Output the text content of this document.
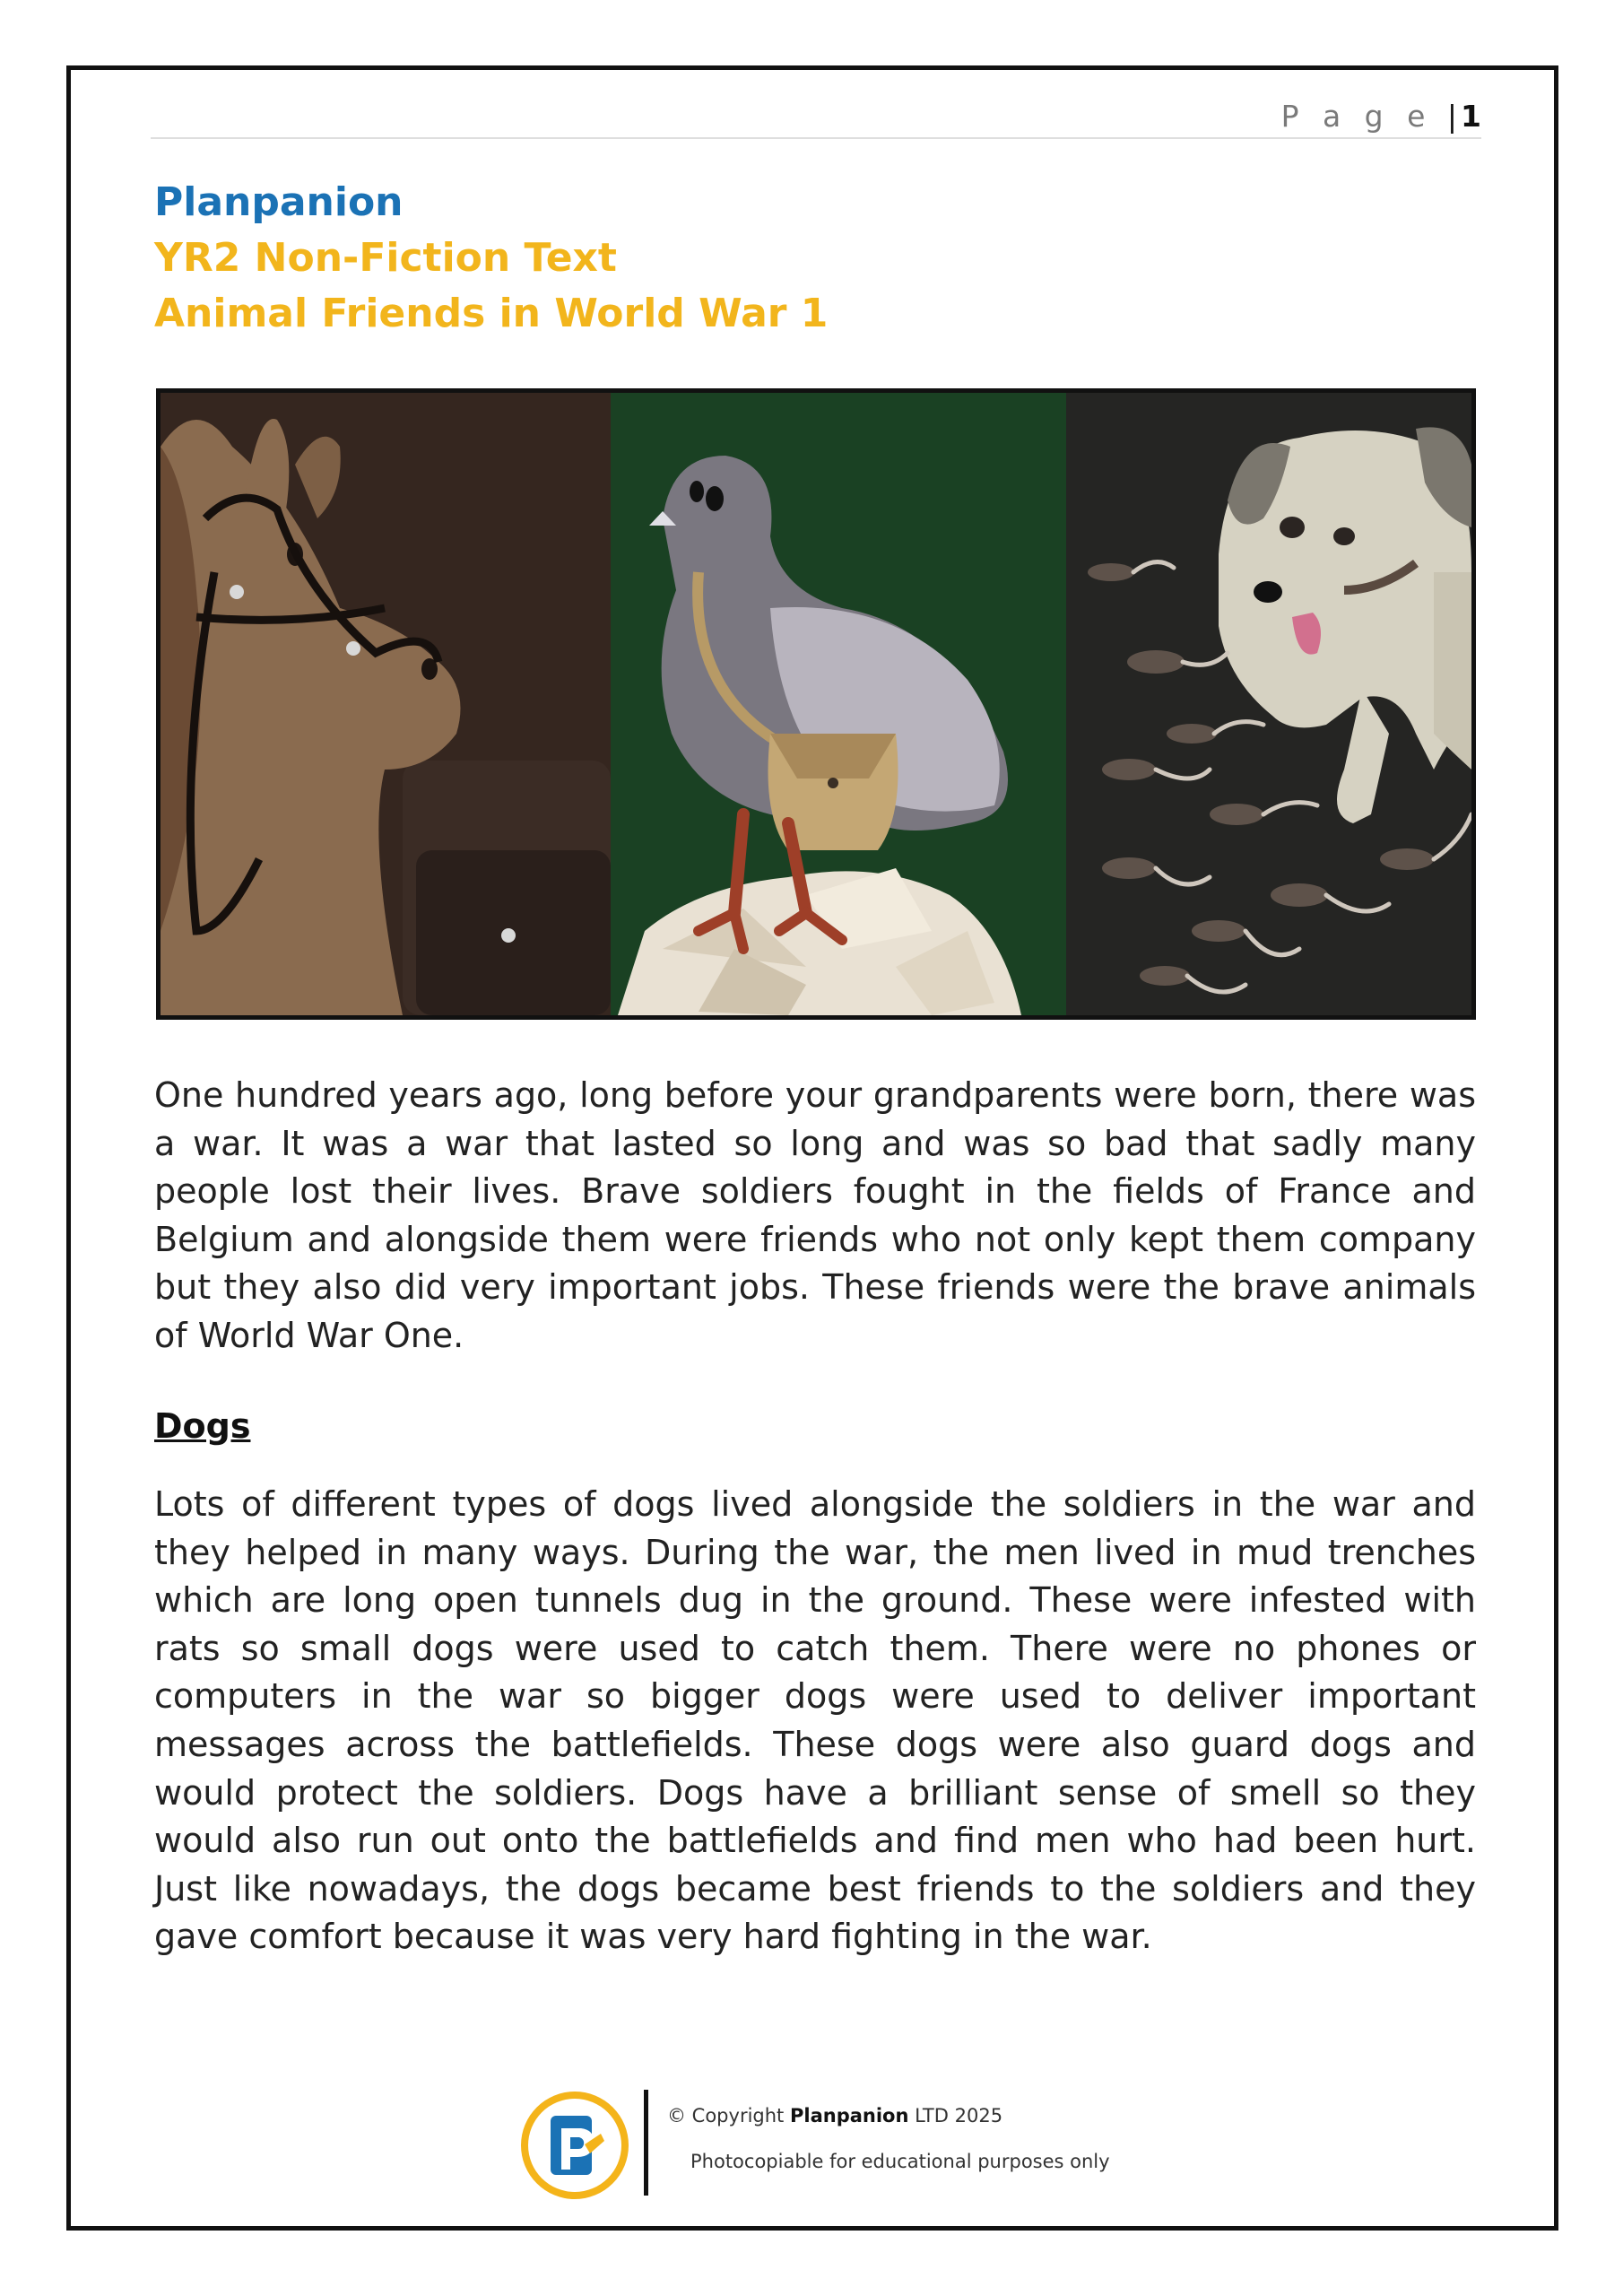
P a g e | 1
Planpanion
YR2 Non-Fiction Text
Animal Friends in World War 1
One hundred years ago, long before your grandparents were born, there was a war. It was a war that lasted so long and was so bad that sadly many people lost their lives. Brave soldiers fought in the fields of France and Belgium and alongside them were friends who not only kept them company but they also did very important jobs. These friends were the brave animals of World War One.
Dogs
Lots of different types of dogs lived alongside the soldiers in the war and they helped in many ways. During the war, the men lived in mud trenches which are long open tunnels dug in the ground. These were infested with rats so small dogs were used to catch them. There were no phones or computers in the war so bigger dogs were used to deliver important messages across the battlefields. These dogs were also guard dogs and would protect the soldiers. Dogs have a brilliant sense of smell so they would also run out onto the battlefields and find men who had been hurt. Just like nowadays, the dogs became best friends to the soldiers and they gave comfort because it was very hard fighting in the war.
© Copyright Planpanion LTD 2025
Photocopiable for educational purposes only
